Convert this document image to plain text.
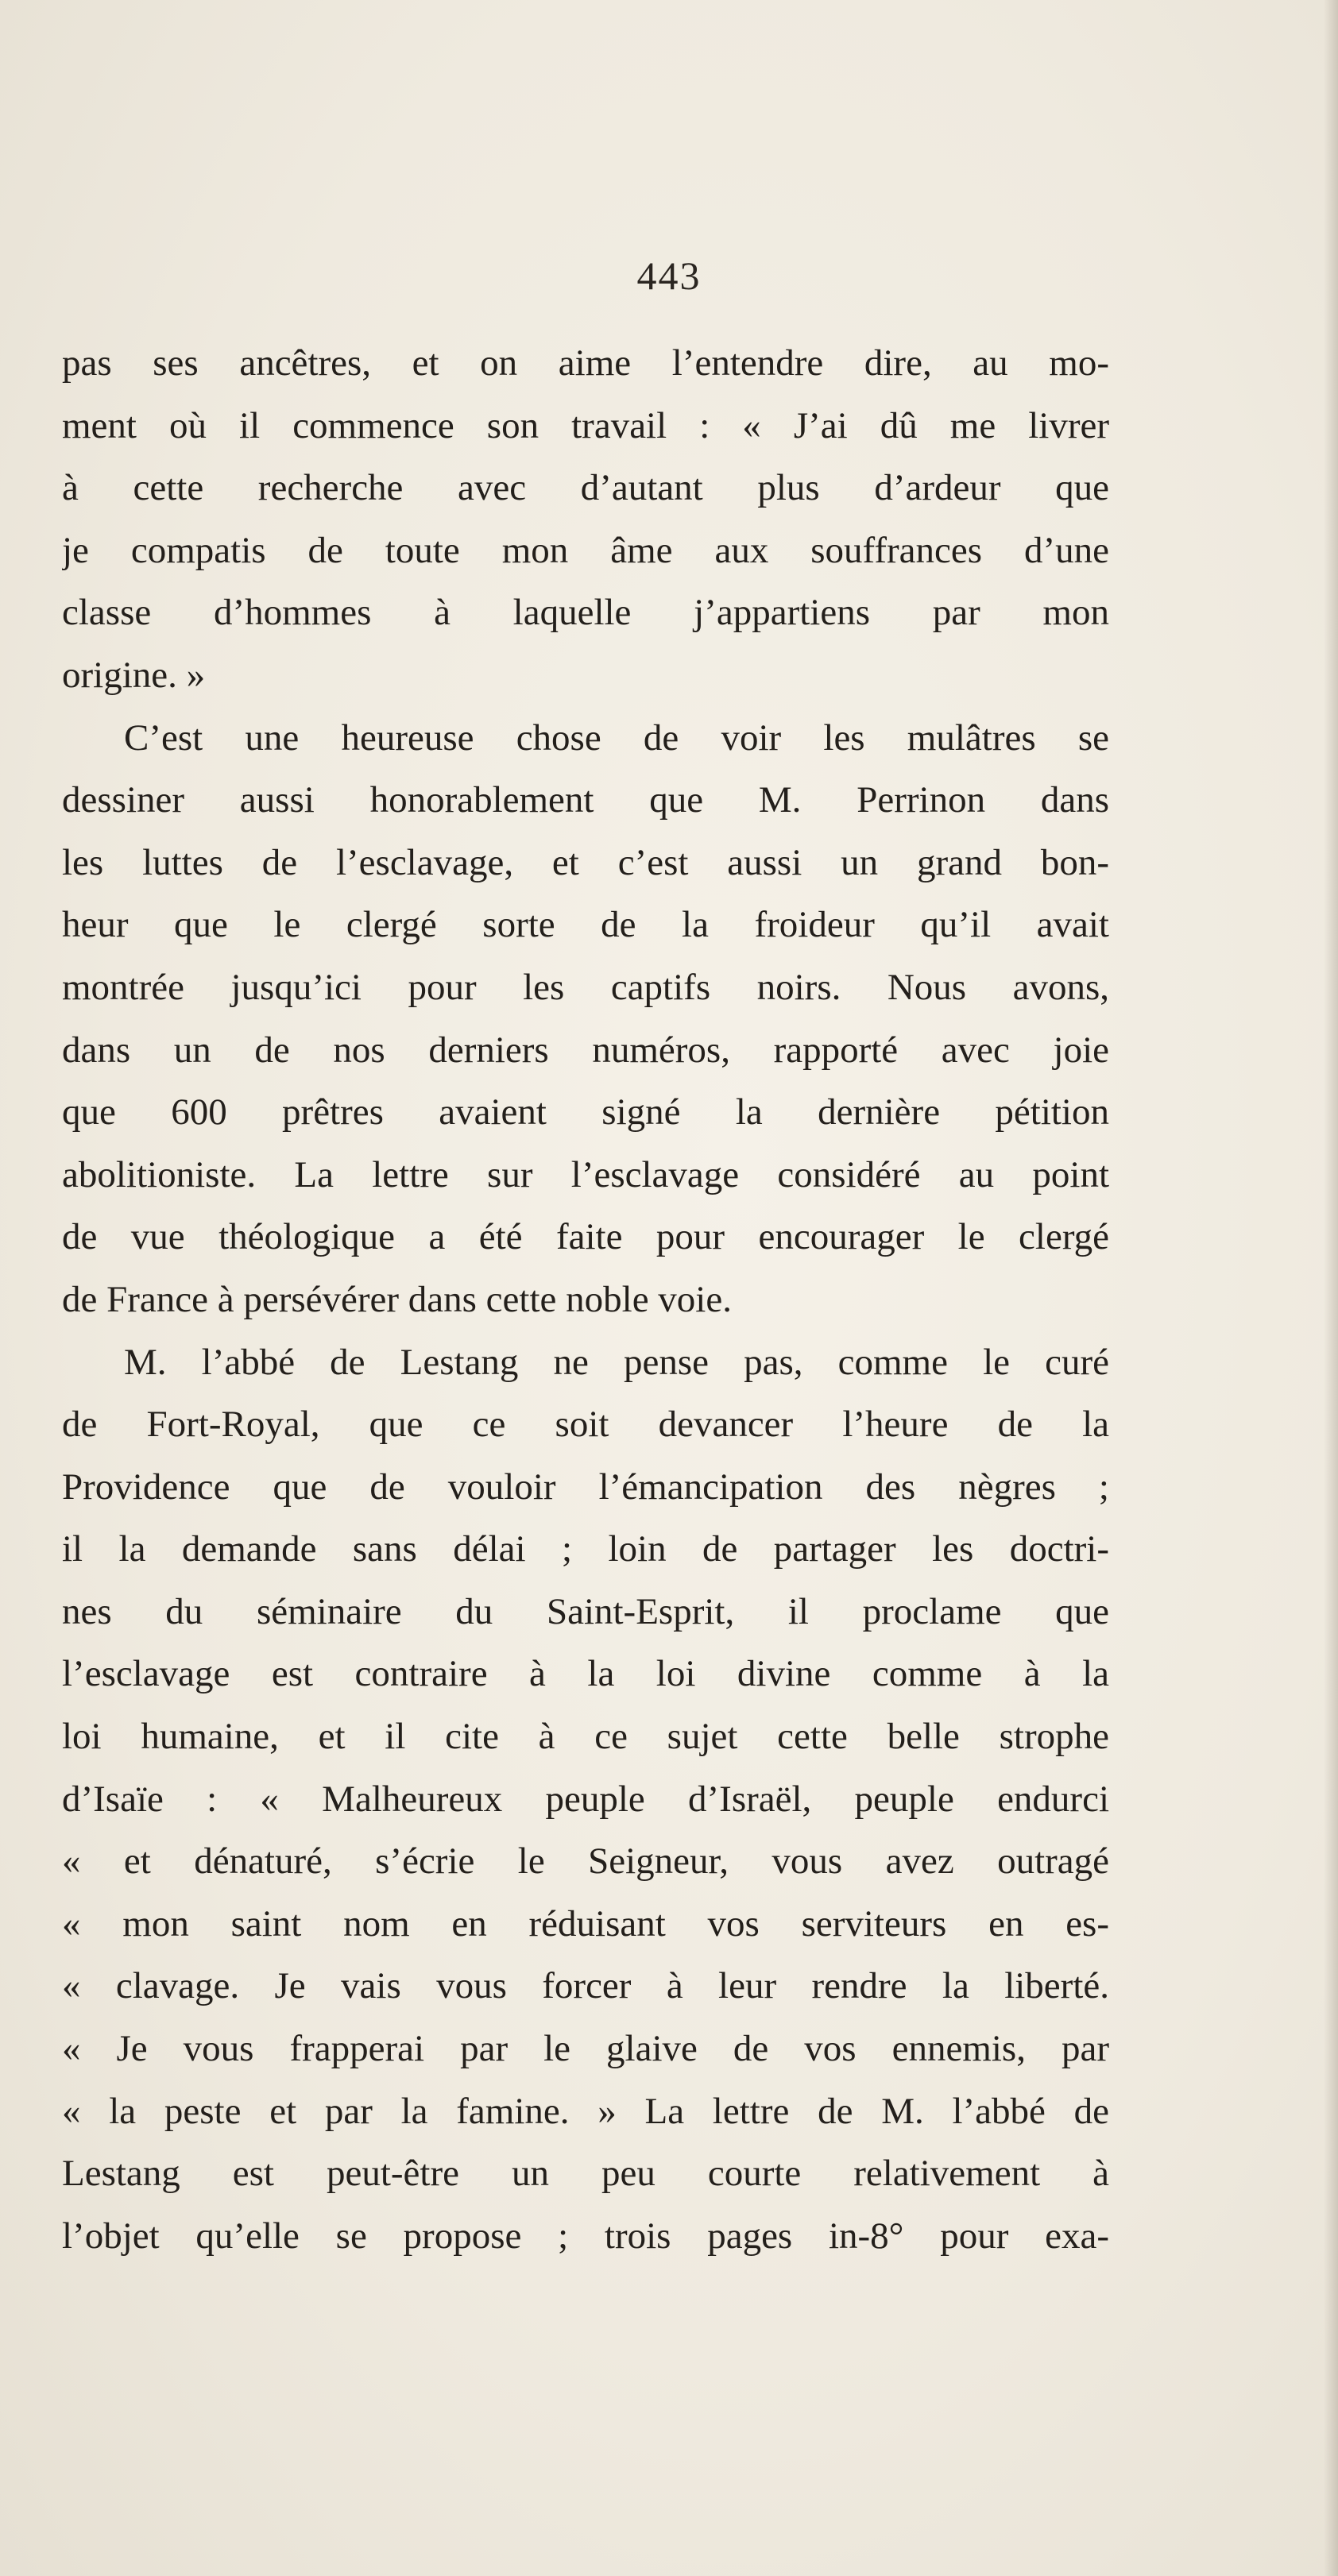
443
pas ses ancêtres, et on aime l’entendre dire, au mo-
ment où il commence son travail : « J’ai dû me livrer
à cette recherche avec d’autant plus d’ardeur que
je compatis de toute mon âme aux souffrances d’une
classe d’hommes à laquelle j’appartiens par mon
origine. »
C’est une heureuse chose de voir les mulâtres se
dessiner aussi honorablement que M. Perrinon dans
les luttes de l’esclavage, et c’est aussi un grand bon-
heur que le clergé sorte de la froideur qu’il avait
montrée jusqu’ici pour les captifs noirs. Nous avons,
dans un de nos derniers numéros, rapporté avec joie
que 600 prêtres avaient signé la dernière pétition
abolitioniste. La lettre sur l’esclavage considéré au point
de vue théologique a été faite pour encourager le clergé
de France à persévérer dans cette noble voie.
M. l’abbé de Lestang ne pense pas, comme le curé
de Fort-Royal, que ce soit devancer l’heure de la
Providence que de vouloir l’émancipation des nègres ;
il la demande sans délai ; loin de partager les doctri-
nes du séminaire du Saint-Esprit, il proclame que
l’esclavage est contraire à la loi divine comme à la
loi humaine, et il cite à ce sujet cette belle strophe
d’Isaïe : « Malheureux peuple d’Israël, peuple endurci
« et dénaturé, s’écrie le Seigneur, vous avez outragé
« mon saint nom en réduisant vos serviteurs en es-
« clavage. Je vais vous forcer à leur rendre la liberté.
« Je vous frapperai par le glaive de vos ennemis, par
« la peste et par la famine. » La lettre de M. l’abbé de
Lestang est peut-être un peu courte relativement à
l’objet qu’elle se propose ; trois pages in-8° pour exa-
